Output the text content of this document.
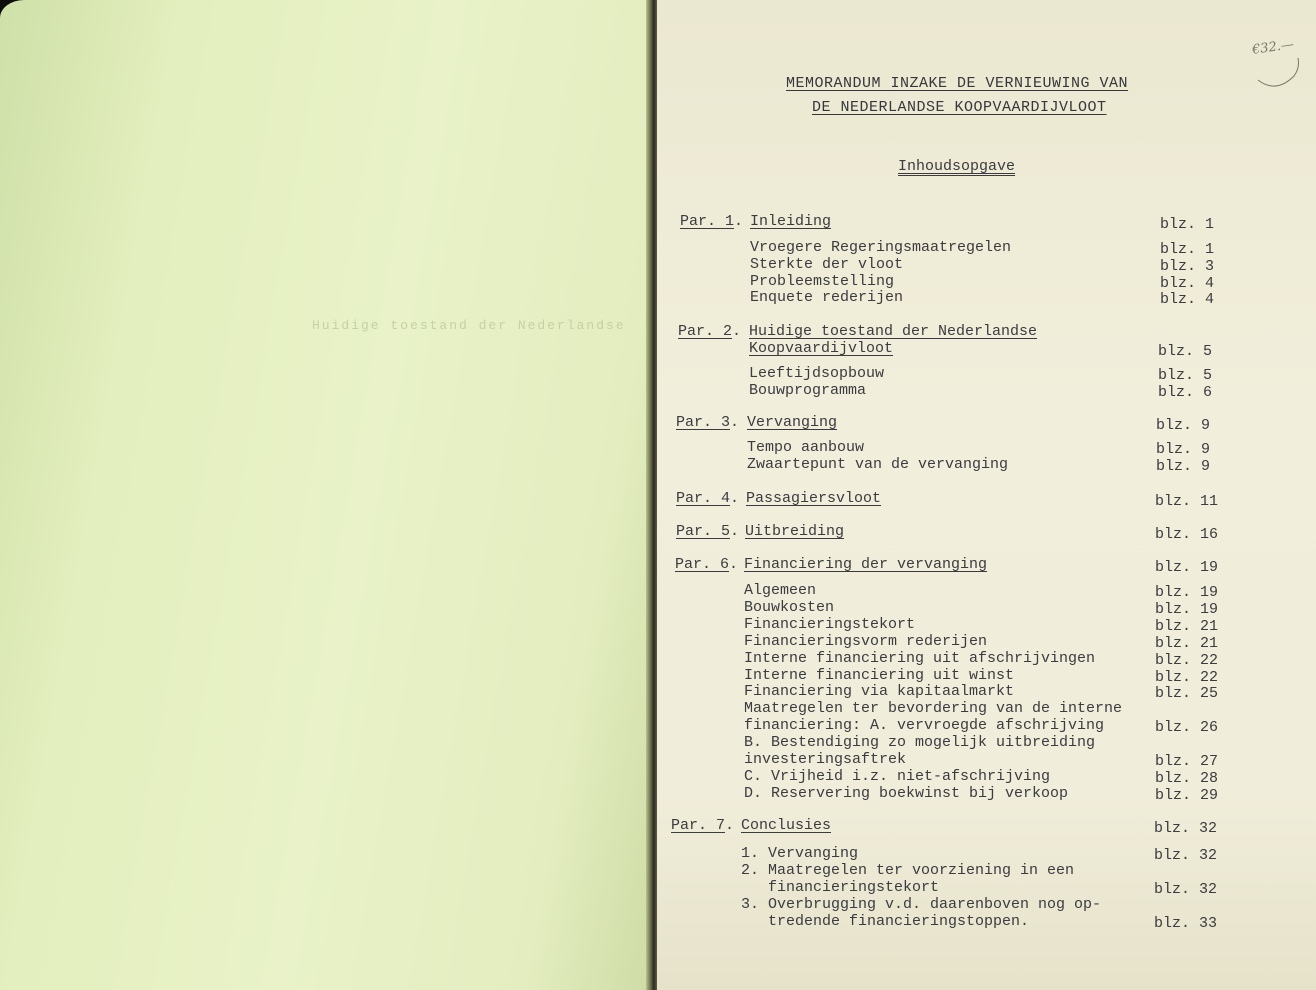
Huidige toestand der Nederlandse
€32.—
MEMORANDUM INZAKE DE VERNIEUWING VAN
DE NEDERLANDSE KOOPVAARDIJVLOOT
Inhoudsopgave
Par. 1. Inleiding	blz. 1
Vroegere Regeringsmaatregelen	blz. 1
Sterkte der vloot	blz. 3
Probleemstelling	blz. 4
Enquete rederijen	blz. 4
Par. 2. Huidige toestand der Nederlandse
Koopvaardijvloot	blz. 5
Leeftijdsopbouw	blz. 5
Bouwprogramma	blz. 6
Par. 3. Vervanging	blz. 9
Tempo aanbouw	blz. 9
Zwaartepunt van de vervanging	blz. 9
Par. 4. Passagiersvloot	blz. 11
Par. 5. Uitbreiding	blz. 16
Par. 6. Financiering der vervanging	blz. 19
Algemeen	blz. 19
Bouwkosten	blz. 19
Financieringstekort	blz. 21
Financieringsvorm rederijen	blz. 21
Interne financiering uit afschrijvingen	blz. 22
Interne financiering uit winst	blz. 22
Financiering via kapitaalmarkt	blz. 25
Maatregelen ter bevordering van de interne
financiering: A. vervroegde afschrijving	blz. 26
B. Bestendiging zo mogelijk uitbreiding
investeringsaftrek	blz. 27
C. Vrijheid i.z. niet-afschrijving	blz. 28
D. Reservering boekwinst bij verkoop	blz. 29
Par. 7. Conclusies	blz. 32
1. Vervanging	blz. 32
2. Maatregelen ter voorziening in een
financieringstekort	blz. 32
3. Overbrugging v.d. daarenboven nog op-
tredende financieringstoppen.	blz. 33
